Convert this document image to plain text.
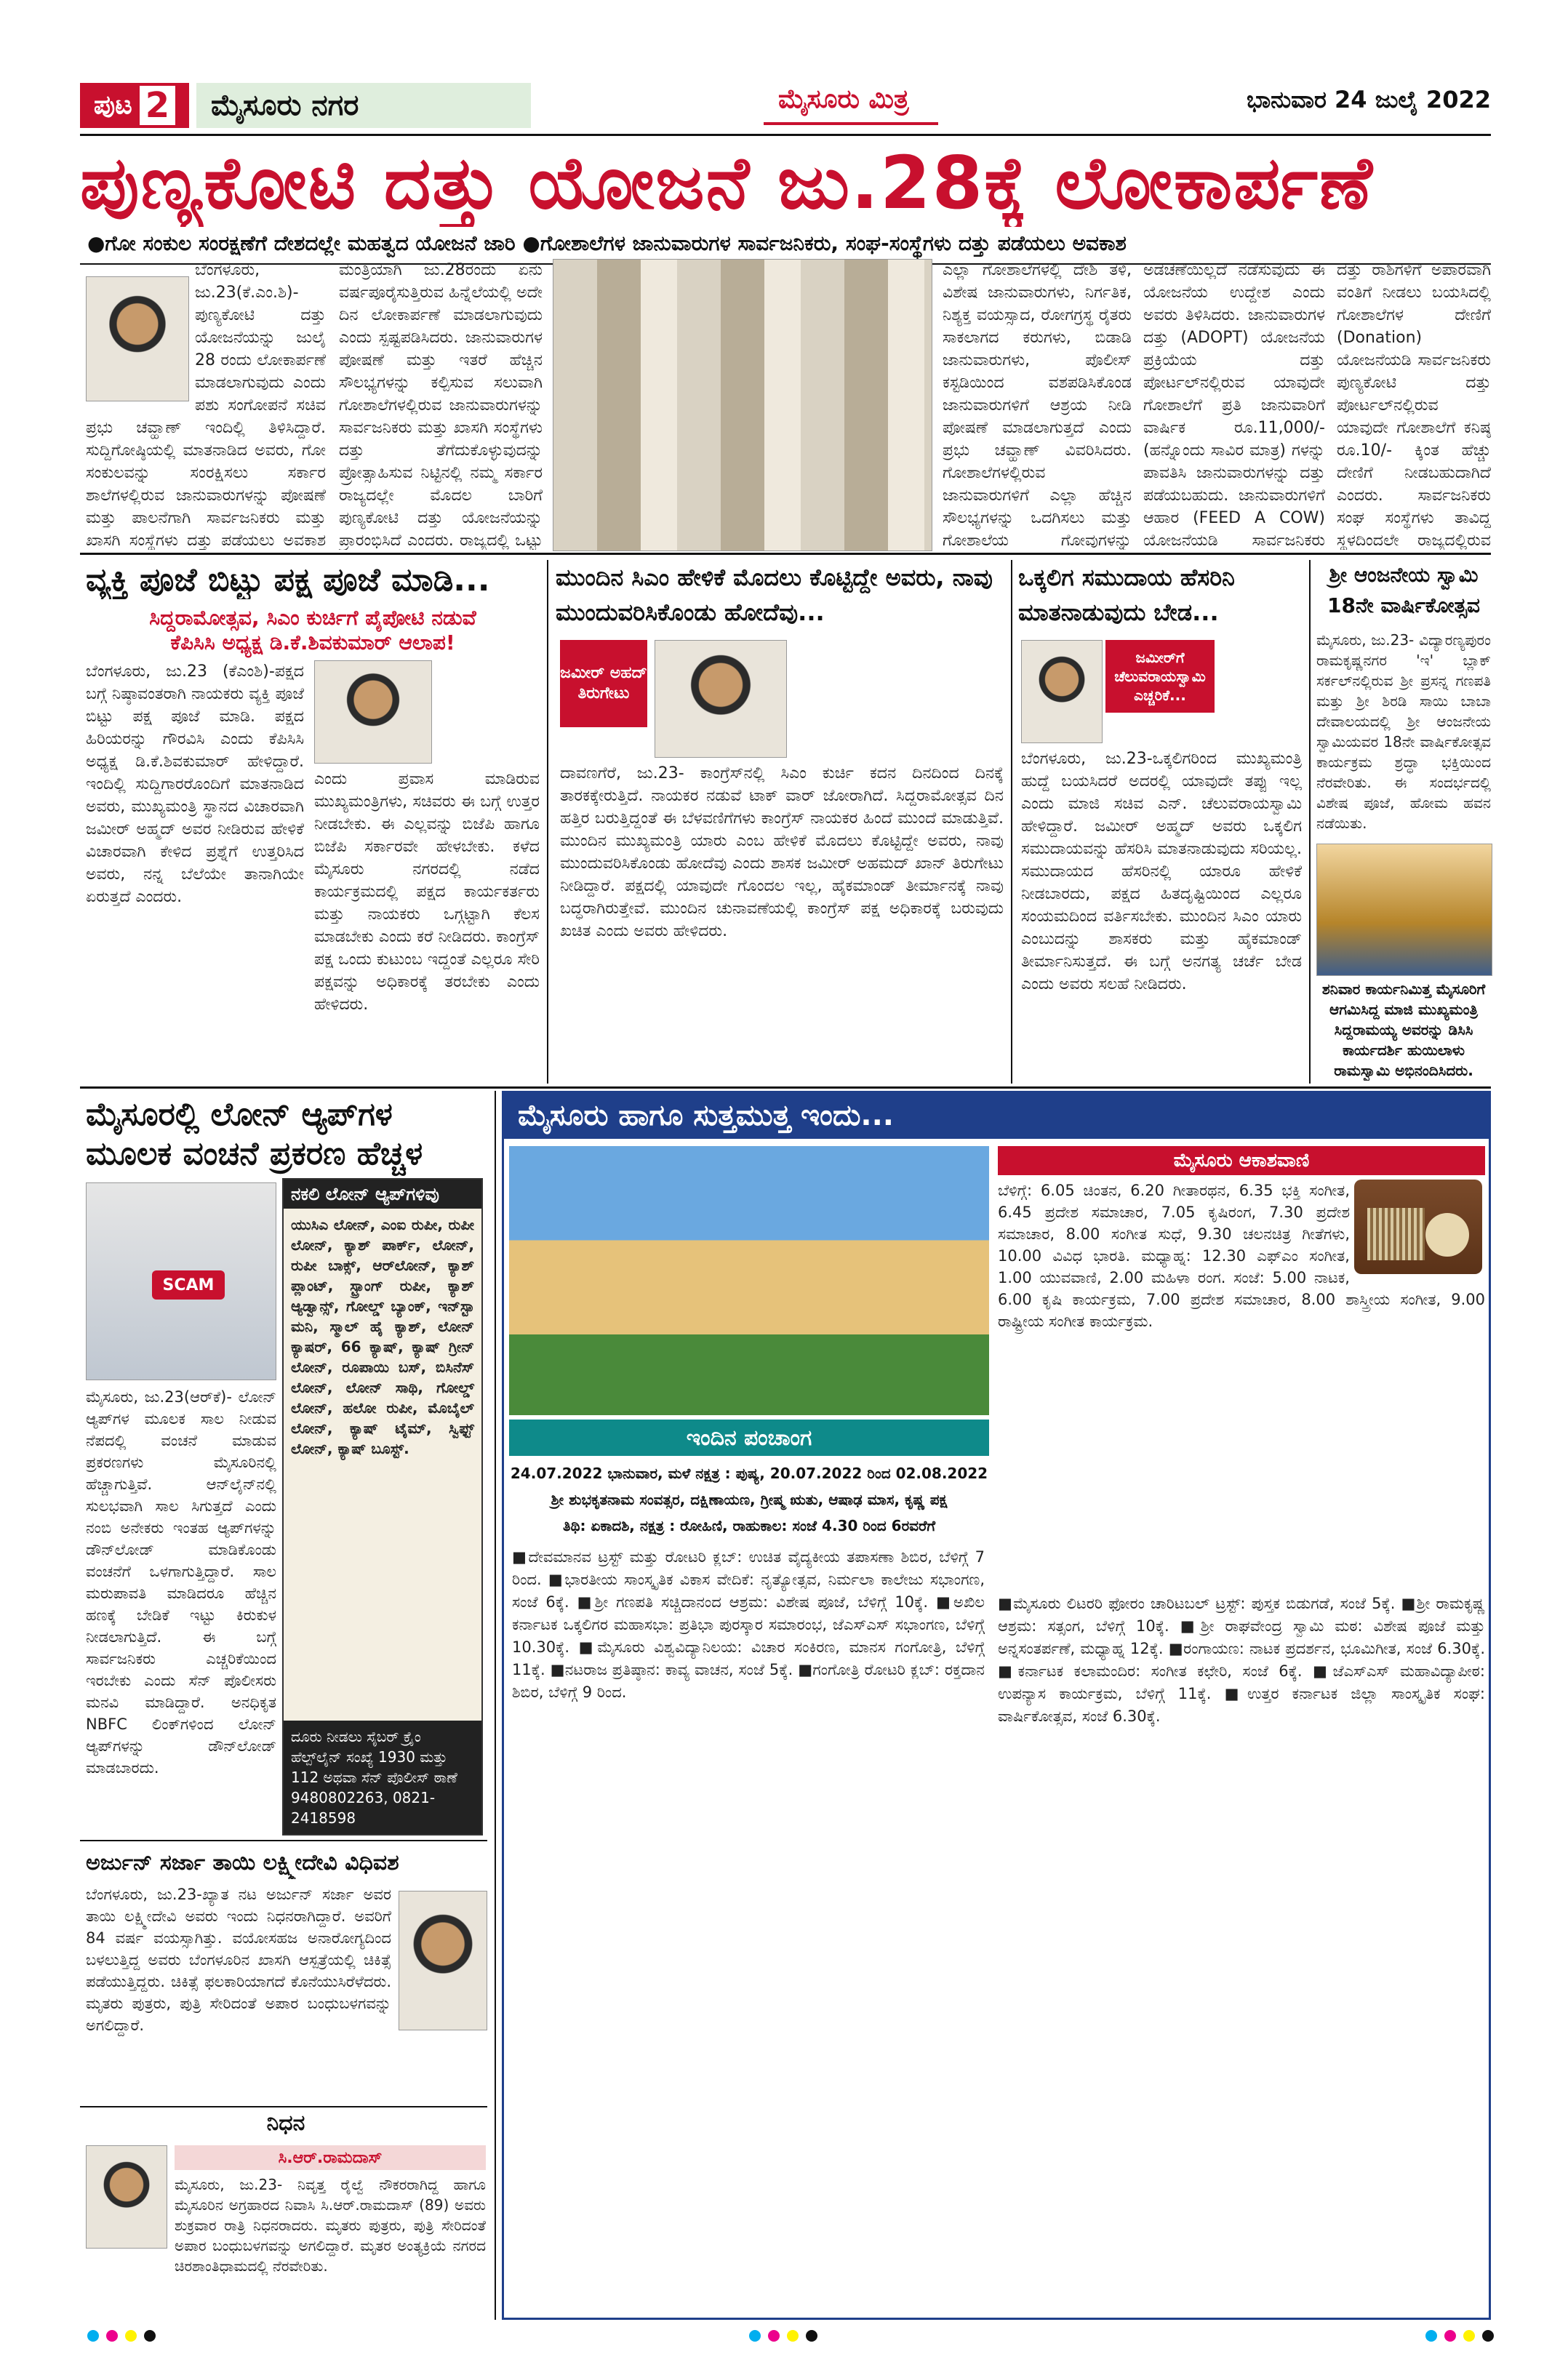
ಪುಟ 2	ಮೈಸೂರು ನಗರ	ಮೈಸೂರು ಮಿತ್ರ	ಭಾನುವಾರ 24 ಜುಲೈ 2022
ಪುಣ್ಯಕೋಟಿ ದತ್ತು ಯೋಜನೆ ಜು.28ಕ್ಕೆ ಲೋಕಾರ್ಪಣೆ
●ಗೋ ಸಂಕುಲ ಸಂರಕ್ಷಣೆಗೆ ದೇಶದಲ್ಲೇ ಮಹತ್ವದ ಯೋಜನೆ ಜಾರಿ ●ಗೋಶಾಲೆಗಳ ಜಾನುವಾರುಗಳ ಸಾರ್ವಜನಿಕರು, ಸಂಘ-ಸಂಸ್ಥೆಗಳು ದತ್ತು ಪಡೆಯಲು ಅವಕಾಶ
ಬೆಂಗಳೂರು, ಜು.23(ಕೆ.ಎಂ.ಶಿ)- ಪುಣ್ಯಕೋಟಿ ದತ್ತು ಯೋಜನೆಯನ್ನು ಜುಲೈ 28 ರಂದು ಲೋಕಾರ್ಪಣೆ ಮಾಡಲಾಗುವುದು ಎಂದು ಪಶು ಸಂಗೋಪನೆ ಸಚಿವ ಪ್ರಭು ಚವ್ಹಾಣ್ ಇಂದಿಲ್ಲಿ ತಿಳಿಸಿದ್ದಾರೆ. ಸುದ್ದಿಗೋಷ್ಠಿಯಲ್ಲಿ ಮಾತನಾಡಿದ ಅವರು, ಗೋ ಸಂಕುಲವನ್ನು ಸಂರಕ್ಷಿಸಲು ಸರ್ಕಾರ ಶಾಲೆಗಳಲ್ಲಿರುವ ಜಾನುವಾರುಗಳನ್ನು ಪೋಷಣೆ ಮತ್ತು ಪಾಲನೆಗಾಗಿ ಸಾರ್ವಜನಿಕರು ಮತ್ತು ಖಾಸಗಿ ಸಂಸ್ಥೆಗಳು ದತ್ತು ಪಡೆಯಲು ಅವಕಾಶ
ಮಂತ್ರಿಯಾಗಿ ಜು.28ರಂದು ಏನು ವರ್ಷಪೂರೈಸುತ್ತಿರುವ ಹಿನ್ನೆಲೆಯಲ್ಲಿ ಅದೇ ದಿನ ಲೋಕಾರ್ಪಣೆ ಮಾಡಲಾಗುವುದು ಎಂದು ಸ್ಪಷ್ಟಪಡಿಸಿದರು. ಜಾನುವಾರುಗಳ ಪೋಷಣೆ ಮತ್ತು ಇತರೆ ಹೆಚ್ಚಿನ ಸೌಲಭ್ಯಗಳನ್ನು ಕಲ್ಪಿಸುವ ಸಲುವಾಗಿ ಗೋಶಾಲೆಗಳಲ್ಲಿರುವ ಜಾನುವಾರುಗಳನ್ನು ಸಾರ್ವಜನಿಕರು ಮತ್ತು ಖಾಸಗಿ ಸಂಸ್ಥೆಗಳು ದತ್ತು ತೆಗೆದುಕೊಳ್ಳುವುದನ್ನು ಪ್ರೋತ್ಸಾಹಿಸುವ ನಿಟ್ಟಿನಲ್ಲಿ ನಮ್ಮ ಸರ್ಕಾರ ರಾಜ್ಯದಲ್ಲೇ ಮೊದಲ ಬಾರಿಗೆ ಪುಣ್ಯಕೋಟಿ ದತ್ತು ಯೋಜನೆಯನ್ನು ಪ್ರಾರಂಭಿಸಿದೆ ಎಂದರು. ರಾಜ್ಯದಲ್ಲಿ ಒಟ್ಟು
ಎಲ್ಲಾ ಗೋಶಾಲೆಗಳಲ್ಲಿ ದೇಶಿ ತಳಿ, ವಿಶೇಷ ಜಾನುವಾರುಗಳು, ನಿರ್ಗತಿಕ, ನಿಶ್ಯಕ್ತ ವಯಸ್ಸಾದ, ರೋಗಗ್ರಸ್ಥ ರೈತರು ಸಾಕಲಾಗದ ಕರುಗಳು, ಬಿಡಾಡಿ ಜಾನುವಾರುಗಳು, ಪೊಲೀಸ್ ಕಸ್ಟಡಿಯಿಂದ ವಶಪಡಿಸಿಕೊಂಡ ಜಾನುವಾರುಗಳಿಗೆ ಆಶ್ರಯ ನೀಡಿ ಪೋಷಣೆ ಮಾಡಲಾಗುತ್ತದೆ ಎಂದು ಪ್ರಭು ಚವ್ಹಾಣ್ ವಿವರಿಸಿದರು. ಗೋಶಾಲೆಗಳಲ್ಲಿರುವ ಜಾನುವಾರುಗಳಿಗೆ ಎಲ್ಲಾ ಹೆಚ್ಚಿನ ಸೌಲಭ್ಯಗಳನ್ನು ಒದಗಿಸಲು ಮತ್ತು ಗೋಶಾಲೆಯ ಗೋವುಗಳನ್ನು
ಅಡಚಣೆಯಿಲ್ಲದೆ ನಡೆಸುವುದು ಈ ಯೋಜನೆಯ ಉದ್ದೇಶ ಎಂದು ಅವರು ತಿಳಿಸಿದರು. ಜಾನುವಾರುಗಳ ದತ್ತು (ADOPT) ಯೋಜನೆಯ ಪ್ರಕ್ರಿಯೆಯ ದತ್ತು ಪೋರ್ಟಲ್‌ನಲ್ಲಿರುವ ಯಾವುದೇ ಗೋಶಾಲೆಗೆ ಪ್ರತಿ ಜಾನುವಾರಿಗೆ ವಾರ್ಷಿಕ ರೂ.11,000/- (ಹನ್ನೊಂದು ಸಾವಿರ ಮಾತ್ರ) ಗಳನ್ನು ಪಾವತಿಸಿ ಜಾನುವಾರುಗಳನ್ನು ದತ್ತು ಪಡೆಯಬಹುದು. ಜಾನುವಾರುಗಳಿಗೆ ಆಹಾರ (FEED A COW) ಯೋಜನೆಯಡಿ ಸಾರ್ವಜನಿಕರು
ದತ್ತು ರಾಶಿಗಳಿಗೆ ಅಪಾರವಾಗಿ ವಂತಿಗೆ ನೀಡಲು ಬಯಸಿದಲ್ಲಿ ಗೋಶಾಲೆಗಳ ದೇಣಿಗೆ (Donation) ಯೋಜನೆಯಡಿ ಸಾರ್ವಜನಿಕರು ಪುಣ್ಯಕೋಟಿ ದತ್ತು ಪೋರ್ಟಲ್‌ನಲ್ಲಿರುವ ಯಾವುದೇ ಗೋಶಾಲೆಗೆ ಕನಿಷ್ಠ ರೂ.10/- ಕ್ಕಿಂತ ಹೆಚ್ಚು ದೇಣಿಗೆ ನೀಡಬಹುದಾಗಿದೆ ಎಂದರು. ಸಾರ್ವಜನಿಕರು ಸಂಘ ಸಂಸ್ಥೆಗಳು ತಾವಿದ್ದ ಸ್ಥಳದಿಂದಲೇ ರಾಜ್ಯದಲ್ಲಿರುವ
ವ್ಯಕ್ತಿ ಪೂಜೆ ಬಿಟ್ಟು ಪಕ್ಷ ಪೂಜೆ ಮಾಡಿ...
ಸಿದ್ದರಾಮೋತ್ಸವ, ಸಿಎಂ ಕುರ್ಚಿಗೆ ಪೈಪೋಟಿ ನಡುವೆ
ಕೆಪಿಸಿಸಿ ಅಧ್ಯಕ್ಷ ಡಿ.ಕೆ.ಶಿವಕುಮಾರ್ ಆಲಾಪ!
ಬೆಂಗಳೂರು, ಜು.23 (ಕೆಎಂಶಿ)-ಪಕ್ಷದ ಬಗ್ಗೆ ನಿಷ್ಠಾವಂತರಾಗಿ ನಾಯಕರು ವ್ಯಕ್ತಿ ಪೂಜೆ ಬಿಟ್ಟು ಪಕ್ಷ ಪೂಜೆ ಮಾಡಿ. ಪಕ್ಷದ ಹಿರಿಯರನ್ನು ಗೌರವಿಸಿ ಎಂದು ಕೆಪಿಸಿಸಿ ಅಧ್ಯಕ್ಷ ಡಿ.ಕೆ.ಶಿವಕುಮಾರ್ ಹೇಳಿದ್ದಾರೆ. ಇಂದಿಲ್ಲಿ ಸುದ್ದಿಗಾರರೊಂದಿಗೆ ಮಾತನಾಡಿದ ಅವರು, ಮುಖ್ಯಮಂತ್ರಿ ಸ್ಥಾನದ ವಿಚಾರವಾಗಿ ಜಮೀರ್ ಅಹ್ಮದ್ ಅವರ ನೀಡಿರುವ ಹೇಳಿಕೆ ವಿಚಾರವಾಗಿ ಕೇಳಿದ ಪ್ರಶ್ನೆಗೆ ಉತ್ತರಿಸಿದ ಅವರು, ನನ್ನ ಬೆಲೆಯೇ ತಾನಾಗಿಯೇ ಏರುತ್ತದೆ ಎಂದರು.
ಎಂದು ಪ್ರವಾಸ ಮಾಡಿರುವ ಮುಖ್ಯಮಂತ್ರಿಗಳು, ಸಚಿವರು ಈ ಬಗ್ಗೆ ಉತ್ತರ ನೀಡಬೇಕು. ಈ ಎಲ್ಲವನ್ನು ಬಿಜೆಪಿ ಹಾಗೂ ಬಿಜೆಪಿ ಸರ್ಕಾರವೇ ಹೇಳಬೇಕು. ಕಳೆದ ಮೈಸೂರು ನಗರದಲ್ಲಿ ನಡೆದ ಕಾರ್ಯಕ್ರಮದಲ್ಲಿ ಪಕ್ಷದ ಕಾರ್ಯಕರ್ತರು ಮತ್ತು ನಾಯಕರು ಒಗ್ಗಟ್ಟಾಗಿ ಕೆಲಸ ಮಾಡಬೇಕು ಎಂದು ಕರೆ ನೀಡಿದರು. ಕಾಂಗ್ರೆಸ್ ಪಕ್ಷ ಒಂದು ಕುಟುಂಬ ಇದ್ದಂತೆ ಎಲ್ಲರೂ ಸೇರಿ ಪಕ್ಷವನ್ನು ಅಧಿಕಾರಕ್ಕೆ ತರಬೇಕು ಎಂದು ಹೇಳಿದರು.
ಮುಂದಿನ ಸಿಎಂ ಹೇಳಿಕೆ ಮೊದಲು ಕೊಟ್ಟಿದ್ದೇ ಅವರು, ನಾವು ಮುಂದುವರಿಸಿಕೊಂಡು ಹೋದೆವು...
ಜಮೀರ್ ಅಹದ್ ತಿರುಗೇಟು
ದಾವಣಗೆರೆ, ಜು.23- ಕಾಂಗ್ರೆಸ್‌ನಲ್ಲಿ ಸಿಎಂ ಕುರ್ಚಿ ಕದನ ದಿನದಿಂದ ದಿನಕ್ಕೆ ತಾರಕಕ್ಕೇರುತ್ತಿದೆ. ನಾಯಕರ ನಡುವೆ ಟಾಕ್ ವಾರ್ ಜೋರಾಗಿದೆ. ಸಿದ್ದರಾಮೋತ್ಸವ ದಿನ ಹತ್ತಿರ ಬರುತ್ತಿದ್ದಂತೆ ಈ ಬೆಳವಣಿಗೆಗಳು ಕಾಂಗ್ರೆಸ್ ನಾಯಕರ ಹಿಂದೆ ಮುಂದೆ ಮಾಡುತ್ತಿವೆ. ಮುಂದಿನ ಮುಖ್ಯಮಂತ್ರಿ ಯಾರು ಎಂಬ ಹೇಳಿಕೆ ಮೊದಲು ಕೊಟ್ಟಿದ್ದೇ ಅವರು, ನಾವು ಮುಂದುವರಿಸಿಕೊಂಡು ಹೋದೆವು ಎಂದು ಶಾಸಕ ಜಮೀರ್ ಅಹಮದ್ ಖಾನ್ ತಿರುಗೇಟು ನೀಡಿದ್ದಾರೆ. ಪಕ್ಷದಲ್ಲಿ ಯಾವುದೇ ಗೊಂದಲ ಇಲ್ಲ, ಹೈಕಮಾಂಡ್ ತೀರ್ಮಾನಕ್ಕೆ ನಾವು ಬದ್ಧರಾಗಿರುತ್ತೇವೆ. ಮುಂದಿನ ಚುನಾವಣೆಯಲ್ಲಿ ಕಾಂಗ್ರೆಸ್ ಪಕ್ಷ ಅಧಿಕಾರಕ್ಕೆ ಬರುವುದು ಖಚಿತ ಎಂದು ಅವರು ಹೇಳಿದರು.
ಒಕ್ಕಲಿಗ ಸಮುದಾಯ ಹೆಸರಿನಿ ಮಾತನಾಡುವುದು ಬೇಡ...
ಜಮೀರ್‌ಗೆ ಚೆಲುವರಾಯಸ್ವಾಮಿ ಎಚ್ಚರಿಕೆ...
ಬೆಂಗಳೂರು, ಜು.23-ಒಕ್ಕಲಿಗರಿಂದ ಮುಖ್ಯಮಂತ್ರಿ ಹುದ್ದೆ ಬಯಸಿದರೆ ಅದರಲ್ಲಿ ಯಾವುದೇ ತಪ್ಪು ಇಲ್ಲ ಎಂದು ಮಾಜಿ ಸಚಿವ ಎನ್. ಚೆಲುವರಾಯಸ್ವಾಮಿ ಹೇಳಿದ್ದಾರೆ. ಜಮೀರ್ ಅಹ್ಮದ್ ಅವರು ಒಕ್ಕಲಿಗ ಸಮುದಾಯವನ್ನು ಹೆಸರಿಸಿ ಮಾತನಾಡುವುದು ಸರಿಯಲ್ಲ. ಸಮುದಾಯದ ಹೆಸರಿನಲ್ಲಿ ಯಾರೂ ಹೇಳಿಕೆ ನೀಡಬಾರದು, ಪಕ್ಷದ ಹಿತದೃಷ್ಟಿಯಿಂದ ಎಲ್ಲರೂ ಸಂಯಮದಿಂದ ವರ್ತಿಸಬೇಕು. ಮುಂದಿನ ಸಿಎಂ ಯಾರು ಎಂಬುದನ್ನು ಶಾಸಕರು ಮತ್ತು ಹೈಕಮಾಂಡ್ ತೀರ್ಮಾನಿಸುತ್ತದೆ. ಈ ಬಗ್ಗೆ ಅನಗತ್ಯ ಚರ್ಚೆ ಬೇಡ ಎಂದು ಅವರು ಸಲಹೆ ನೀಡಿದರು.
ಶ್ರೀ ಆಂಜನೇಯ ಸ್ವಾಮಿ 18ನೇ ವಾರ್ಷಿಕೋತ್ಸವ
ಮೈಸೂರು, ಜು.23- ವಿದ್ಯಾರಣ್ಯಪುರಂ ರಾಮಕೃಷ್ಣನಗರ 'ಇ' ಬ್ಲಾಕ್ ಸರ್ಕಲ್‌ನಲ್ಲಿರುವ ಶ್ರೀ ಪ್ರಸನ್ನ ಗಣಪತಿ ಮತ್ತು ಶ್ರೀ ಶಿರಡಿ ಸಾಯಿ ಬಾಬಾ ದೇವಾಲಯದಲ್ಲಿ ಶ್ರೀ ಆಂಜನೇಯ ಸ್ವಾಮಿಯವರ 18ನೇ ವಾರ್ಷಿಕೋತ್ಸವ ಕಾರ್ಯಕ್ರಮ ಶ್ರದ್ಧಾ ಭಕ್ತಿಯಿಂದ ನೆರವೇರಿತು. ಈ ಸಂದರ್ಭದಲ್ಲಿ ವಿಶೇಷ ಪೂಜೆ, ಹೋಮ ಹವನ ನಡೆಯಿತು.
ಶನಿವಾರ ಕಾರ್ಯನಿಮಿತ್ತ ಮೈಸೂರಿಗೆ ಆಗಮಿಸಿದ್ದ ಮಾಜಿ ಮುಖ್ಯಮಂತ್ರಿ ಸಿದ್ದರಾಮಯ್ಯ ಅವರನ್ನು ಡಿಸಿಸಿ ಕಾರ್ಯದರ್ಶಿ ಹುಯಿಲಾಳು ರಾಮಸ್ವಾಮಿ ಅಭಿನಂದಿಸಿದರು.
ಮೈಸೂರಲ್ಲಿ ಲೋನ್ ಆ್ಯಪ್‌ಗಳ ಮೂಲಕ ವಂಚನೆ ಪ್ರಕರಣ ಹೆಚ್ಚಳ
SCAM
ನಕಲಿ ಲೋನ್ ಆ್ಯಪ್‌ಗಳಿವು
ಯುಸಿಎ ಲೋನ್, ಎಂಐ ರುಪೀ, ರುಪೀ ಲೋನ್, ಕ್ಯಾಶ್ ಪಾರ್ಕ್, ಲೋನ್, ರುಪೀ ಬಾಕ್ಸ್, ಆರ್‌ಲೋನ್, ಕ್ಯಾಶ್ ಪ್ಲಾಂಟ್, ಸ್ಟ್ರಾಂಗ್ ರುಪೀ, ಕ್ಯಾಶ್ ಆ್ಯಡ್ವಾನ್ಸ್, ಗೋಲ್ಡ್ ಬ್ಯಾಂಕ್, ಇನ್‌ಸ್ಟಾ ಮನಿ, ಸ್ಮಾಲ್ ಹೈ ಕ್ಯಾಶ್, ಲೋನ್ ಕ್ಯಾಷರ್, 66 ಕ್ಯಾಷ್, ಕ್ಯಾಷ್ ಗ್ರೀನ್ ಲೋನ್, ರೂಪಾಯಿ ಬಸ್, ಬಿಸಿನೆಸ್ ಲೋನ್, ಲೋನ್ ಸಾಥಿ, ಗೋಲ್ಡ್ ಲೋನ್, ಹಲೋ ರುಪೀ, ಮೊಬೈಲ್ ಲೋನ್, ಕ್ಯಾಷ್ ಟೈಮ್, ಸ್ವಿಫ್ಟ್ ಲೋನ್, ಕ್ಯಾಷ್ ಬೂಸ್ಟ್.
ದೂರು ನೀಡಲು ಸೈಬರ್ ಕ್ರೈಂ ಹೆಲ್ಪ್‌ಲೈನ್ ಸಂಖ್ಯೆ 1930 ಮತ್ತು 112 ಅಥವಾ ಸೆನ್ ಪೊಲೀಸ್ ಠಾಣೆ 9480802263, 0821-2418598
ಮೈಸೂರು, ಜು.23(ಆರ್‌ಕೆ)- ಲೋನ್ ಆ್ಯಪ್‌ಗಳ ಮೂಲಕ ಸಾಲ ನೀಡುವ ನೆಪದಲ್ಲಿ ವಂಚನೆ ಮಾಡುವ ಪ್ರಕರಣಗಳು ಮೈಸೂರಿನಲ್ಲಿ ಹೆಚ್ಚಾಗುತ್ತಿವೆ. ಆನ್‌ಲೈನ್‌ನಲ್ಲಿ ಸುಲಭವಾಗಿ ಸಾಲ ಸಿಗುತ್ತದೆ ಎಂದು ನಂಬಿ ಅನೇಕರು ಇಂತಹ ಆ್ಯಪ್‌ಗಳನ್ನು ಡೌನ್‌ಲೋಡ್ ಮಾಡಿಕೊಂಡು ವಂಚನೆಗೆ ಒಳಗಾಗುತ್ತಿದ್ದಾರೆ. ಸಾಲ ಮರುಪಾವತಿ ಮಾಡಿದರೂ ಹೆಚ್ಚಿನ ಹಣಕ್ಕೆ ಬೇಡಿಕೆ ಇಟ್ಟು ಕಿರುಕುಳ ನೀಡಲಾಗುತ್ತಿದೆ. ಈ ಬಗ್ಗೆ ಸಾರ್ವಜನಿಕರು ಎಚ್ಚರಿಕೆಯಿಂದ ಇರಬೇಕು ಎಂದು ಸೆನ್ ಪೊಲೀಸರು ಮನವಿ ಮಾಡಿದ್ದಾರೆ. ಅನಧಿಕೃತ NBFC ಲಿಂಕ್‌ಗಳಿಂದ ಲೋನ್ ಆ್ಯಪ್‌ಗಳನ್ನು ಡೌನ್‌ಲೋಡ್ ಮಾಡಬಾರದು.
ಅರ್ಜುನ್ ಸರ್ಜಾ ತಾಯಿ ಲಕ್ಷ್ಮೀದೇವಿ ವಿಧಿವಶ
ಬೆಂಗಳೂರು, ಜು.23-ಖ್ಯಾತ ನಟ ಅರ್ಜುನ್ ಸರ್ಜಾ ಅವರ ತಾಯಿ ಲಕ್ಷ್ಮೀದೇವಿ ಅವರು ಇಂದು ನಿಧನರಾಗಿದ್ದಾರೆ. ಅವರಿಗೆ 84 ವರ್ಷ ವಯಸ್ಸಾಗಿತ್ತು. ವಯೋಸಹಜ ಅನಾರೋಗ್ಯದಿಂದ ಬಳಲುತ್ತಿದ್ದ ಅವರು ಬೆಂಗಳೂರಿನ ಖಾಸಗಿ ಆಸ್ಪತ್ರೆಯಲ್ಲಿ ಚಿಕಿತ್ಸೆ ಪಡೆಯುತ್ತಿದ್ದರು. ಚಿಕಿತ್ಸೆ ಫಲಕಾರಿಯಾಗದೆ ಕೊನೆಯುಸಿರೆಳೆದರು. ಮೃತರು ಪುತ್ರರು, ಪುತ್ರಿ ಸೇರಿದಂತೆ ಅಪಾರ ಬಂಧುಬಳಗವನ್ನು ಅಗಲಿದ್ದಾರೆ.
ನಿಧನ
ಸಿ.ಆರ್.ರಾಮದಾಸ್
ಮೈಸೂರು, ಜು.23- ನಿವೃತ್ತ ರೈಲ್ವೆ ನೌಕರರಾಗಿದ್ದ ಹಾಗೂ ಮೈಸೂರಿನ ಅಗ್ರಹಾರದ ನಿವಾಸಿ ಸಿ.ಆರ್.ರಾಮದಾಸ್ (89) ಅವರು ಶುಕ್ರವಾರ ರಾತ್ರಿ ನಿಧನರಾದರು. ಮೃತರು ಪುತ್ರರು, ಪುತ್ರಿ ಸೇರಿದಂತೆ ಅಪಾರ ಬಂಧುಬಳಗವನ್ನು ಅಗಲಿದ್ದಾರೆ. ಮೃತರ ಅಂತ್ಯಕ್ರಿಯೆ ನಗರದ ಚಿರಶಾಂತಿಧಾಮದಲ್ಲಿ ನೆರವೇರಿತು.
ಮೈಸೂರು ಹಾಗೂ ಸುತ್ತಮುತ್ತ ಇಂದು...
ಇಂದಿನ ಪಂಚಾಂಗ
24.07.2022 ಭಾನುವಾರ, ಮಳೆ ನಕ್ಷತ್ರ : ಪುಷ್ಯ, 20.07.2022 ರಿಂದ 02.08.2022
ಶ್ರೀ ಶುಭಕೃತನಾಮ ಸಂವತ್ಸರ, ದಕ್ಷಿಣಾಯಣ, ಗ್ರೀಷ್ಮ ಋತು, ಆಷಾಢ ಮಾಸ, ಕೃಷ್ಣ ಪಕ್ಷ
ತಿಥಿ: ಏಕಾದಶಿ, ನಕ್ಷತ್ರ : ರೋಹಿಣಿ, ರಾಹುಕಾಲ: ಸಂಜೆ 4.30 ರಿಂದ 6ರವರೆಗೆ
■ದೇವಮಾನವ ಟ್ರಸ್ಟ್ ಮತ್ತು ರೋಟರಿ ಕ್ಲಬ್: ಉಚಿತ ವೈದ್ಯಕೀಯ ತಪಾಸಣಾ ಶಿಬಿರ, ಬೆಳಿಗ್ಗೆ 7 ರಿಂದ. ■ಭಾರತೀಯ ಸಾಂಸ್ಕೃತಿಕ ವಿಕಾಸ ವೇದಿಕೆ: ನೃತ್ಯೋತ್ಸವ, ನಿರ್ಮಲಾ ಕಾಲೇಜು ಸಭಾಂಗಣ, ಸಂಜೆ 6ಕ್ಕೆ. ■ಶ್ರೀ ಗಣಪತಿ ಸಚ್ಚಿದಾನಂದ ಆಶ್ರಮ: ವಿಶೇಷ ಪೂಜೆ, ಬೆಳಿಗ್ಗೆ 10ಕ್ಕೆ. ■ಅಖಿಲ ಕರ್ನಾಟಕ ಒಕ್ಕಲಿಗರ ಮಹಾಸಭಾ: ಪ್ರತಿಭಾ ಪುರಸ್ಕಾರ ಸಮಾರಂಭ, ಜೆಎಸ್‌ಎಸ್ ಸಭಾಂಗಣ, ಬೆಳಿಗ್ಗೆ 10.30ಕ್ಕೆ. ■ಮೈಸೂರು ವಿಶ್ವವಿದ್ಯಾನಿಲಯ: ವಿಚಾರ ಸಂಕಿರಣ, ಮಾನಸ ಗಂಗೋತ್ರಿ, ಬೆಳಿಗ್ಗೆ 11ಕ್ಕೆ. ■ನಟರಾಜ ಪ್ರತಿಷ್ಠಾನ: ಕಾವ್ಯ ವಾಚನ, ಸಂಜೆ 5ಕ್ಕೆ. ■ಗಂಗೋತ್ರಿ ರೋಟರಿ ಕ್ಲಬ್: ರಕ್ತದಾನ ಶಿಬಿರ, ಬೆಳಿಗ್ಗೆ 9 ರಿಂದ.
ಮೈಸೂರು ಆಕಾಶವಾಣಿ
ಬೆಳಿಗ್ಗೆ: 6.05 ಚಿಂತನ, 6.20 ಗೀತಾರಥನ, 6.35 ಭಕ್ತಿ ಸಂಗೀತ, 6.45 ಪ್ರದೇಶ ಸಮಾಚಾರ, 7.05 ಕೃಷಿರಂಗ, 7.30 ಪ್ರದೇಶ ಸಮಾಚಾರ, 8.00 ಸಂಗೀತ ಸುಧೆ, 9.30 ಚಲನಚಿತ್ರ ಗೀತೆಗಳು, 10.00 ವಿವಿಧ ಭಾರತಿ. ಮಧ್ಯಾಹ್ನ: 12.30 ಎಫ್‌ಎಂ ಸಂಗೀತ, 1.00 ಯುವವಾಣಿ, 2.00 ಮಹಿಳಾ ರಂಗ. ಸಂಜೆ: 5.00 ನಾಟಕ, 6.00 ಕೃಷಿ ಕಾರ್ಯಕ್ರಮ, 7.00 ಪ್ರದೇಶ ಸಮಾಚಾರ, 8.00 ಶಾಸ್ತ್ರೀಯ ಸಂಗೀತ, 9.00 ರಾಷ್ಟ್ರೀಯ ಸಂಗೀತ ಕಾರ್ಯಕ್ರಮ.
■ಮೈಸೂರು ಲಿಟರರಿ ಫೋರಂ ಚಾರಿಟಬಲ್ ಟ್ರಸ್ಟ್: ಪುಸ್ತಕ ಬಿಡುಗಡೆ, ಸಂಜೆ 5ಕ್ಕೆ. ■ಶ್ರೀ ರಾಮಕೃಷ್ಣ ಆಶ್ರಮ: ಸತ್ಸಂಗ, ಬೆಳಿಗ್ಗೆ 10ಕ್ಕೆ. ■ಶ್ರೀ ರಾಘವೇಂದ್ರ ಸ್ವಾಮಿ ಮಠ: ವಿಶೇಷ ಪೂಜೆ ಮತ್ತು ಅನ್ನಸಂತರ್ಪಣೆ, ಮಧ್ಯಾಹ್ನ 12ಕ್ಕೆ. ■ರಂಗಾಯಣ: ನಾಟಕ ಪ್ರದರ್ಶನ, ಭೂಮಿಗೀತ, ಸಂಜೆ 6.30ಕ್ಕೆ. ■ಕರ್ನಾಟಕ ಕಲಾಮಂದಿರ: ಸಂಗೀತ ಕಛೇರಿ, ಸಂಜೆ 6ಕ್ಕೆ. ■ಜೆಎಸ್‌ಎಸ್ ಮಹಾವಿದ್ಯಾಪೀಠ: ಉಪನ್ಯಾಸ ಕಾರ್ಯಕ್ರಮ, ಬೆಳಿಗ್ಗೆ 11ಕ್ಕೆ. ■ಉತ್ತರ ಕರ್ನಾಟಕ ಜಿಲ್ಲಾ ಸಾಂಸ್ಕೃತಿಕ ಸಂಘ: ವಾರ್ಷಿಕೋತ್ಸವ, ಸಂಜೆ 6.30ಕ್ಕೆ.
